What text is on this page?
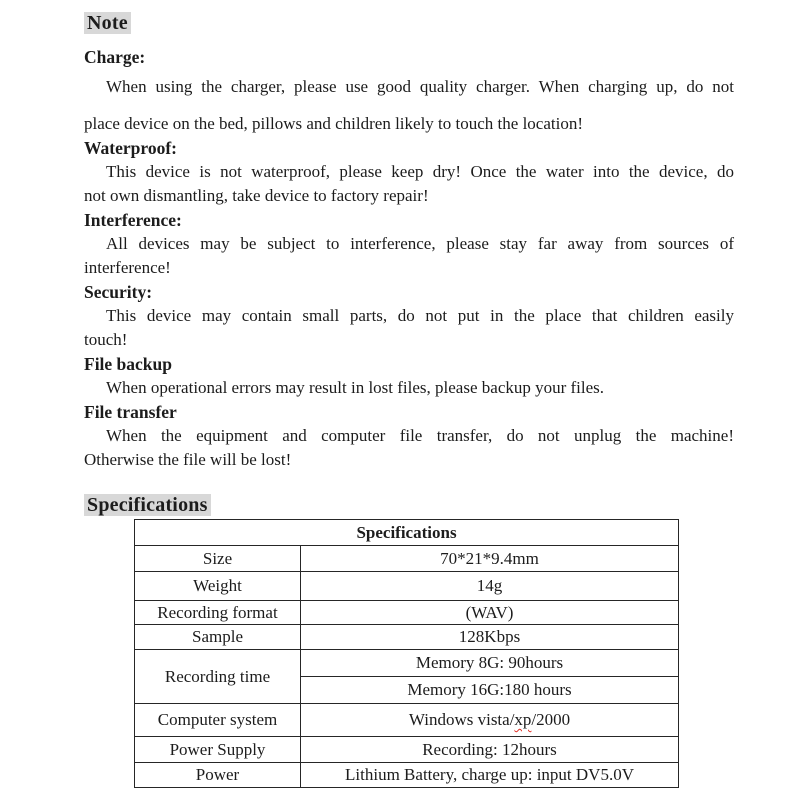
Note
Charge:
When using the charger, please use good quality charger. When charging up, do not
place device on the bed, pillows and children likely to touch the location!
Waterproof:
This device is not waterproof, please keep dry! Once the water into the device, do
not own dismantling, take device to factory repair!
Interference:
All devices may be subject to interference, please stay far away from sources of
interference!
Security:
This device may contain small parts, do not put in the place that children easily
touch!
File backup
When operational errors may result in lost files, please backup your files.
File transfer
When the equipment and computer file transfer, do not unplug the machine!
Otherwise the file will be lost!
Specifications
Specifications	
Size	70*21*9.4mm
Weight	14g
Recording format	(WAV)
Sample	128Kbps
Recording time	Memory 8G: 90hours
	Memory 16G:180 hours
Computer system	Windows vista/xp/2000
Power Supply	Recording: 12hours
Power	Lithium Battery, charge up: input DV5.0V
